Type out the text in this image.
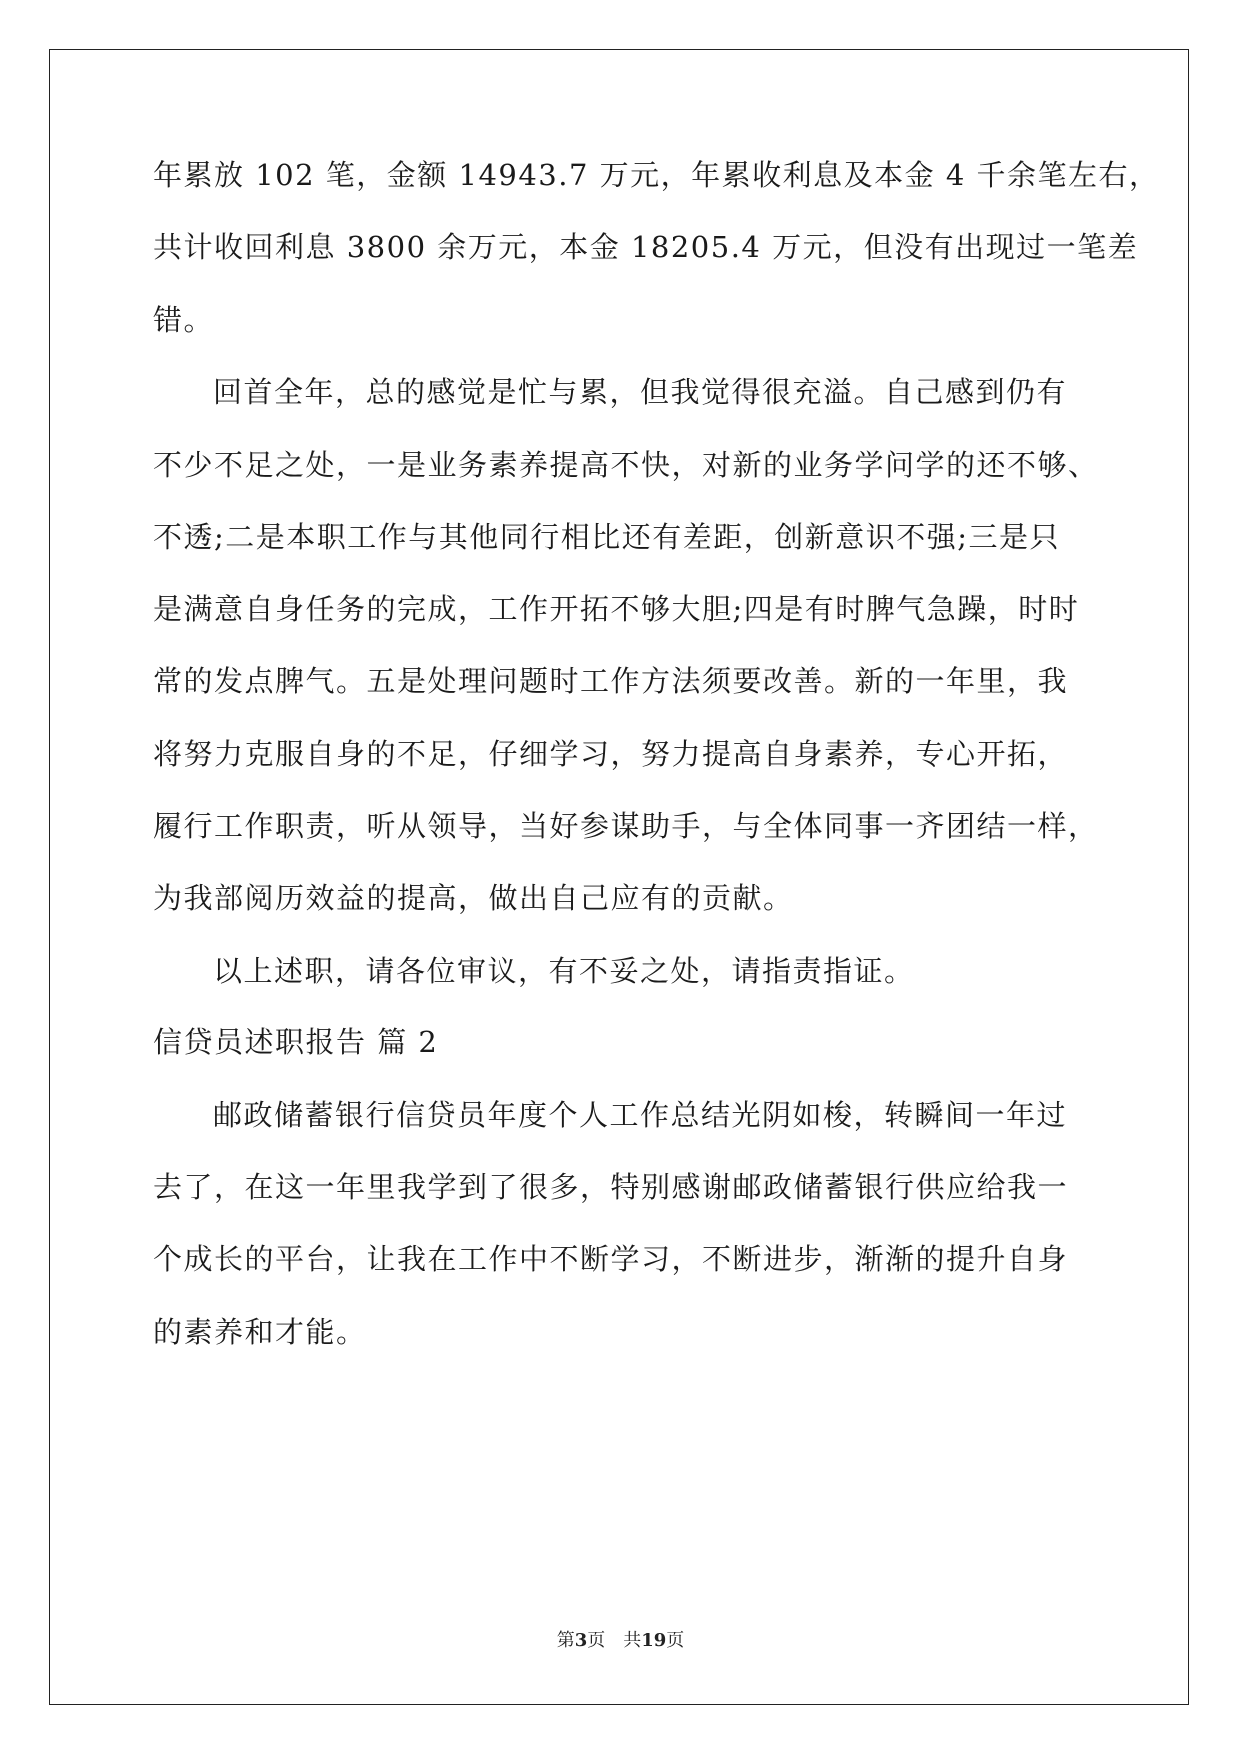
年累放 102 笔，金额 14943.7 万元，年累收利息及本金 4 千余笔左右，
共计收回利息 3800 余万元，本金 18205.4 万元，但没有出现过一笔差
错。
回首全年，总的感觉是忙与累，但我觉得很充溢。自己感到仍有
不少不足之处，一是业务素养提高不快，对新的业务学问学的还不够、
不透;二是本职工作与其他同行相比还有差距，创新意识不强;三是只
是满意自身任务的完成，工作开拓不够大胆;四是有时脾气急躁，时时
常的发点脾气。五是处理问题时工作方法须要改善。新的一年里，我
将努力克服自身的不足，仔细学习，努力提高自身素养，专心开拓，
履行工作职责，听从领导，当好参谋助手，与全体同事一齐团结一样，
为我部阅历效益的提高，做出自己应有的贡献。
以上述职，请各位审议，有不妥之处，请指责指证。
信贷员述职报告 篇 2
邮政储蓄银行信贷员年度个人工作总结光阴如梭，转瞬间一年过
去了，在这一年里我学到了很多，特别感谢邮政储蓄银行供应给我一
个成长的平台，让我在工作中不断学习，不断进步，渐渐的提升自身
的素养和才能。
第3页 共19页
